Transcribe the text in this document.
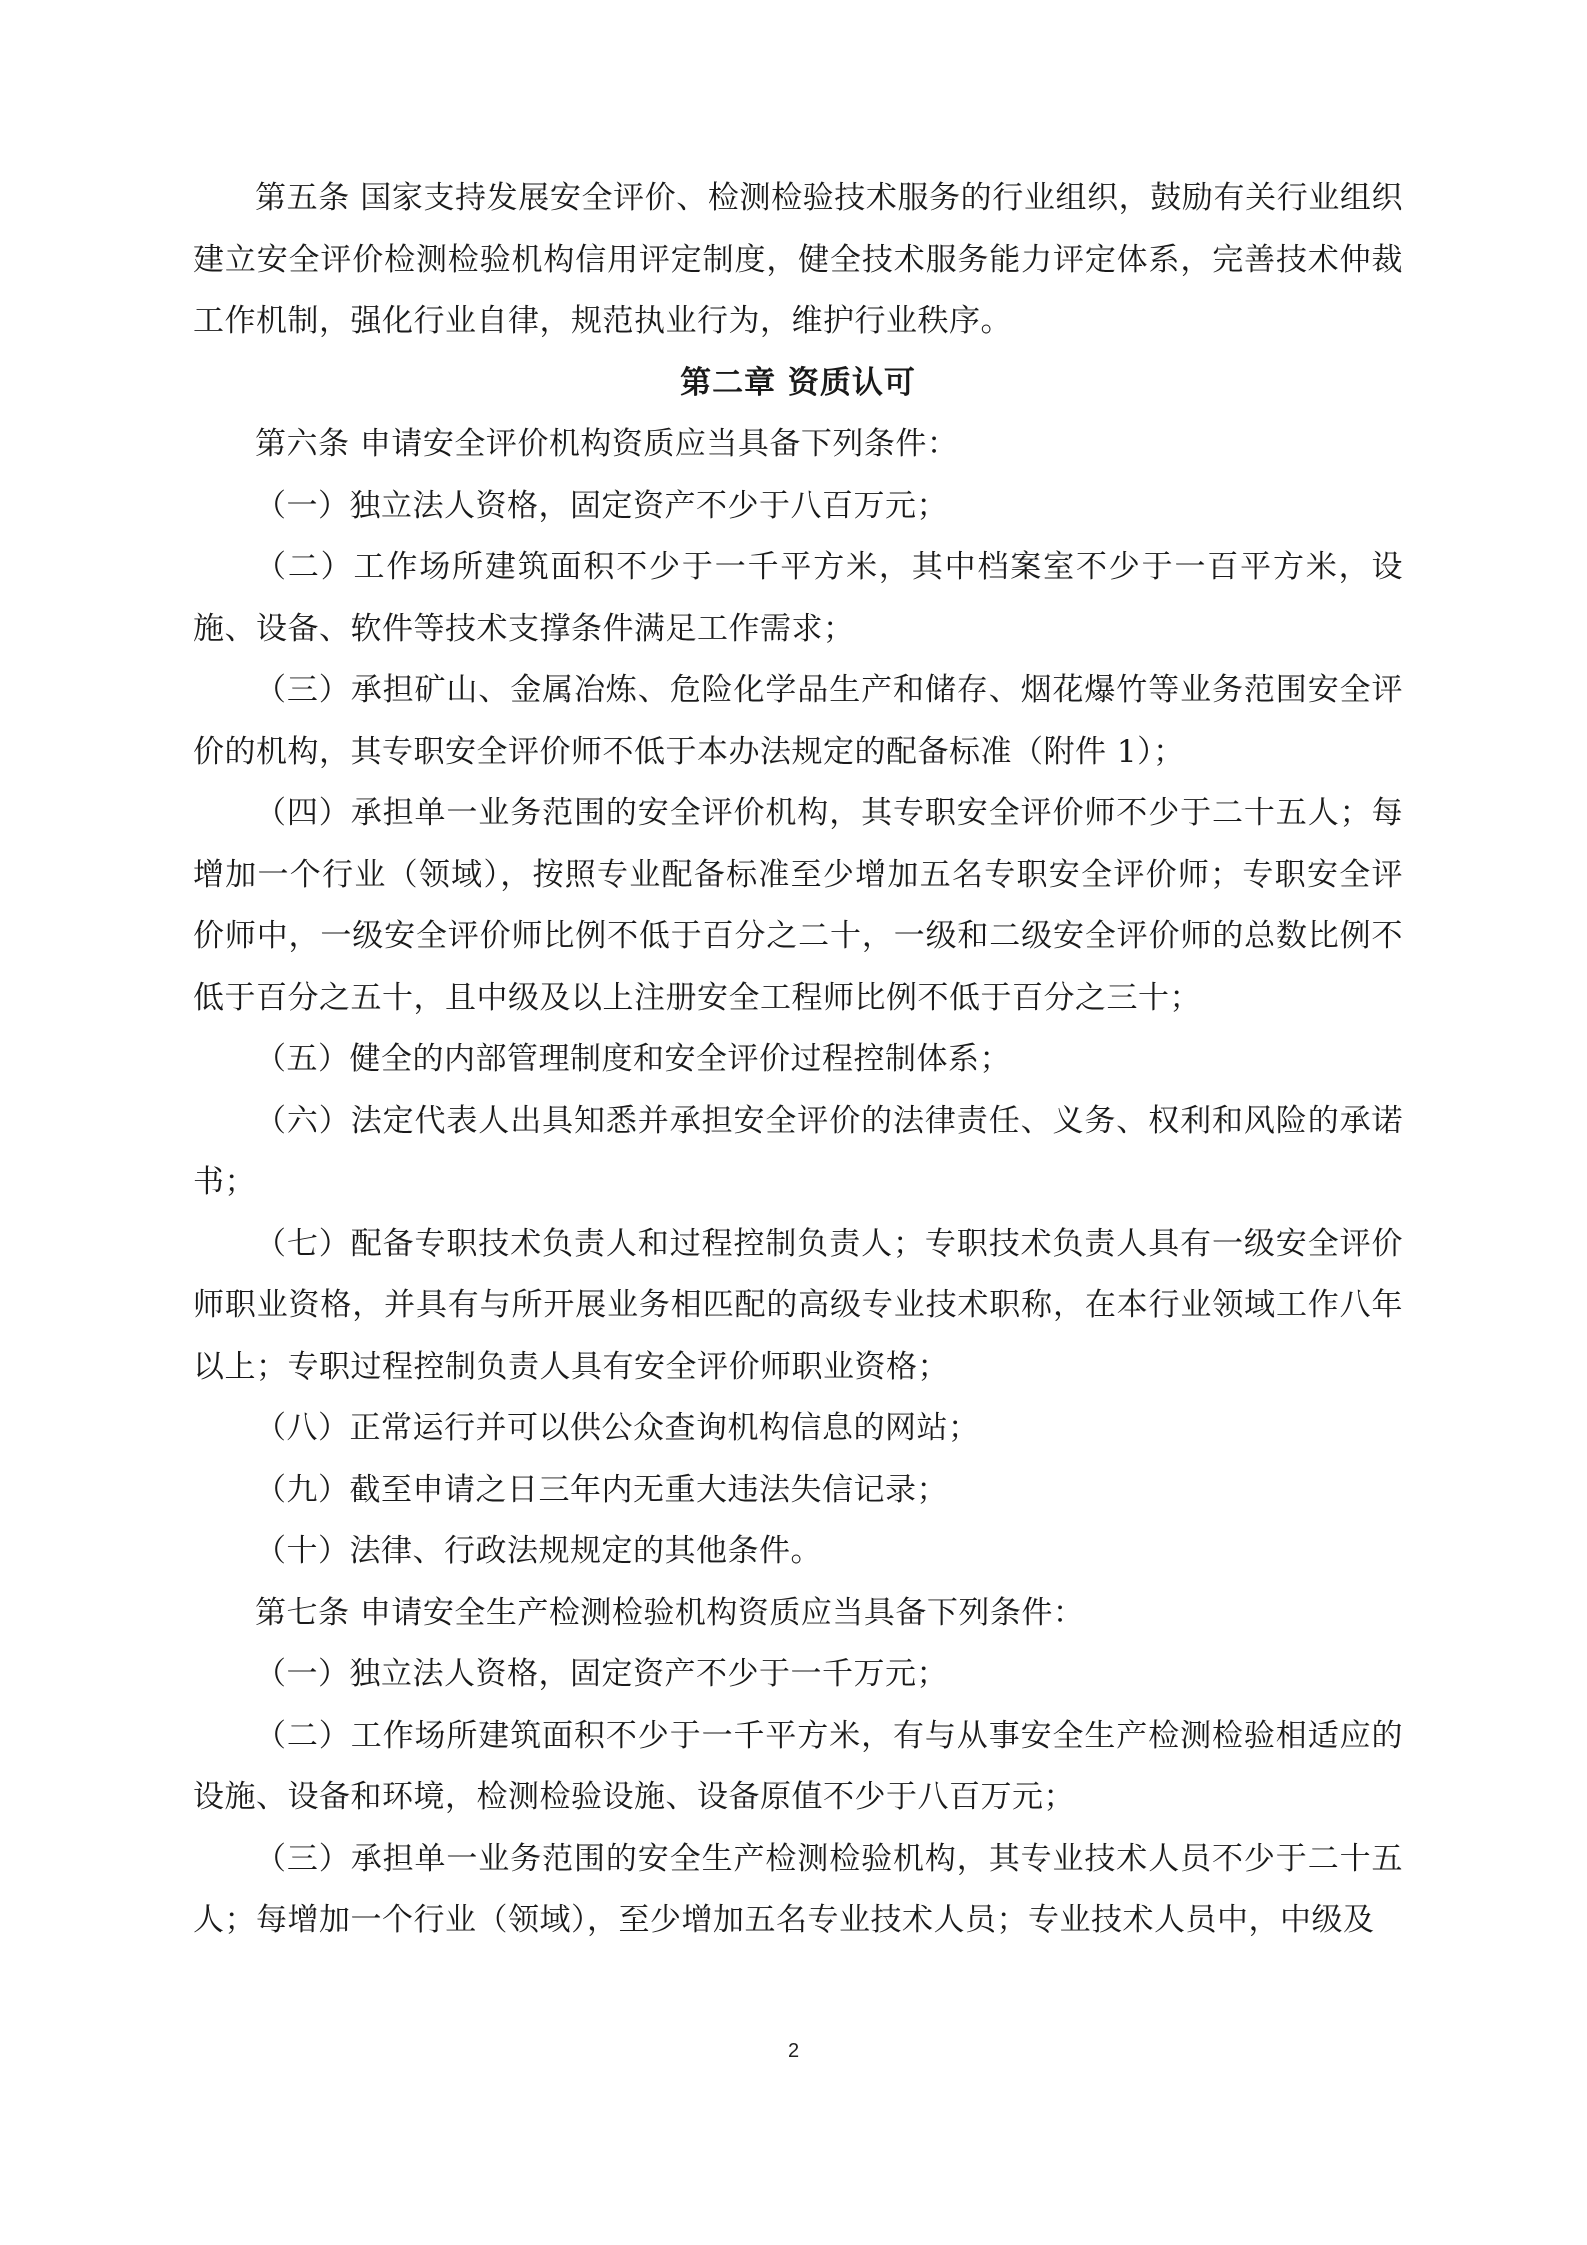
第五条 国家支持发展安全评价、检测检验技术服务的行业组织，鼓励有关行业组织建立安全评价检测检验机构信用评定制度，健全技术服务能力评定体系，完善技术仲裁工作机制，强化行业自律，规范执业行为，维护行业秩序。

第二章 资质认可

第六条 申请安全评价机构资质应当具备下列条件：

（一）独立法人资格，固定资产不少于八百万元；

（二）工作场所建筑面积不少于一千平方米，其中档案室不少于一百平方米，设施、设备、软件等技术支撑条件满足工作需求；

（三）承担矿山、金属冶炼、危险化学品生产和储存、烟花爆竹等业务范围安全评价的机构，其专职安全评价师不低于本办法规定的配备标准（附件 1）；

（四）承担单一业务范围的安全评价机构，其专职安全评价师不少于二十五人；每增加一个行业（领域），按照专业配备标准至少增加五名专职安全评价师；专职安全评价师中，一级安全评价师比例不低于百分之二十，一级和二级安全评价师的总数比例不低于百分之五十，且中级及以上注册安全工程师比例不低于百分之三十；

（五）健全的内部管理制度和安全评价过程控制体系；

（六）法定代表人出具知悉并承担安全评价的法律责任、义务、权利和风险的承诺书；

（七）配备专职技术负责人和过程控制负责人；专职技术负责人具有一级安全评价师职业资格，并具有与所开展业务相匹配的高级专业技术职称，在本行业领域工作八年以上；专职过程控制负责人具有安全评价师职业资格；

（八）正常运行并可以供公众查询机构信息的网站；

（九）截至申请之日三年内无重大违法失信记录；

（十）法律、行政法规规定的其他条件。

第七条 申请安全生产检测检验机构资质应当具备下列条件：

（一）独立法人资格，固定资产不少于一千万元；

（二）工作场所建筑面积不少于一千平方米，有与从事安全生产检测检验相适应的设施、设备和环境，检测检验设施、设备原值不少于八百万元；

（三）承担单一业务范围的安全生产检测检验机构，其专业技术人员不少于二十五人；每增加一个行业（领域），至少增加五名专业技术人员；专业技术人员中，中级及

2
